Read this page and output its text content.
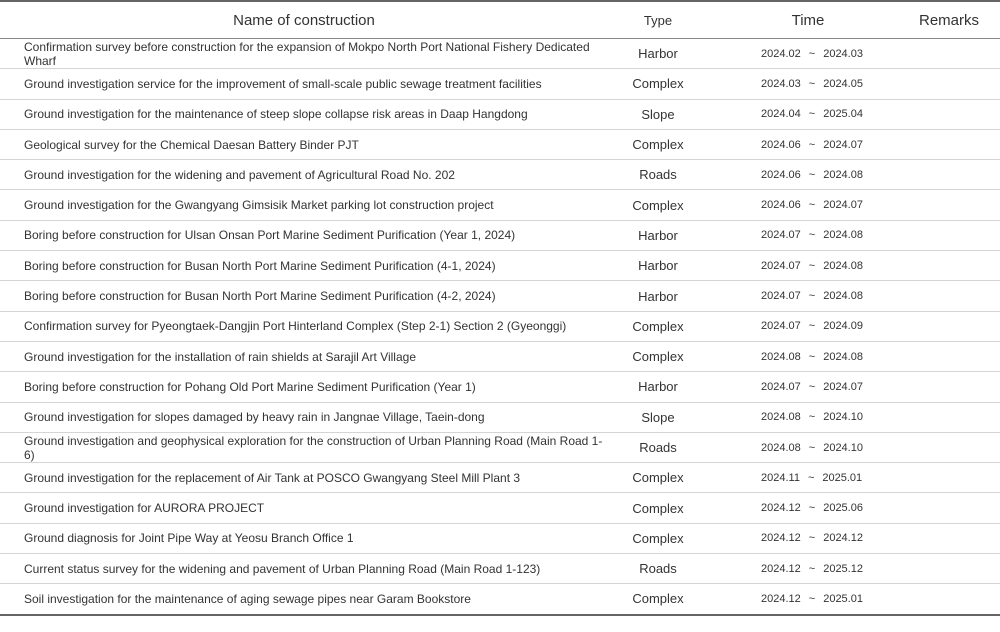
Name of construction	Type	Time	Remarks
Confirmation survey before construction for the expansion of Mokpo North Port National Fishery Dedicated Wharf	Harbor	2024.02 ~ 2024.03	
Ground investigation service for the improvement of small-scale public sewage treatment facilities	Complex	2024.03 ~ 2024.05	
Ground investigation for the maintenance of steep slope collapse risk areas in Daap Hangdong	Slope	2024.04 ~ 2025.04	
Geological survey for the Chemical Daesan Battery Binder PJT	Complex	2024.06 ~ 2024.07	
Ground investigation for the widening and pavement of Agricultural Road No. 202	Roads	2024.06 ~ 2024.08	
Ground investigation for the Gwangyang Gimsisik Market parking lot construction project	Complex	2024.06 ~ 2024.07	
Boring before construction for Ulsan Onsan Port Marine Sediment Purification (Year 1, 2024)	Harbor	2024.07 ~ 2024.08	
Boring before construction for Busan North Port Marine Sediment Purification (4-1, 2024)	Harbor	2024.07 ~ 2024.08	
Boring before construction for Busan North Port Marine Sediment Purification (4-2, 2024)	Harbor	2024.07 ~ 2024.08	
Confirmation survey for Pyeongtaek-Dangjin Port Hinterland Complex (Step 2-1) Section 2 (Gyeonggi)	Complex	2024.07 ~ 2024.09	
Ground investigation for the installation of rain shields at Sarajil Art Village	Complex	2024.08 ~ 2024.08	
Boring before construction for Pohang Old Port Marine Sediment Purification (Year 1)	Harbor	2024.07 ~ 2024.07	
Ground investigation for slopes damaged by heavy rain in Jangnae Village, Taein-dong	Slope	2024.08 ~ 2024.10	
Ground investigation and geophysical exploration for the construction of Urban Planning Road (Main Road 1-6)	Roads	2024.08 ~ 2024.10	
Ground investigation for the replacement of Air Tank at POSCO Gwangyang Steel Mill Plant 3	Complex	2024.11 ~ 2025.01	
Ground investigation for AURORA PROJECT	Complex	2024.12 ~ 2025.06	
Ground diagnosis for Joint Pipe Way at Yeosu Branch Office 1	Complex	2024.12 ~ 2024.12	
Current status survey for the widening and pavement of Urban Planning Road (Main Road 1-123)	Roads	2024.12 ~ 2025.12	
Soil investigation for the maintenance of aging sewage pipes near Garam Bookstore	Complex	2024.12 ~ 2025.01	
